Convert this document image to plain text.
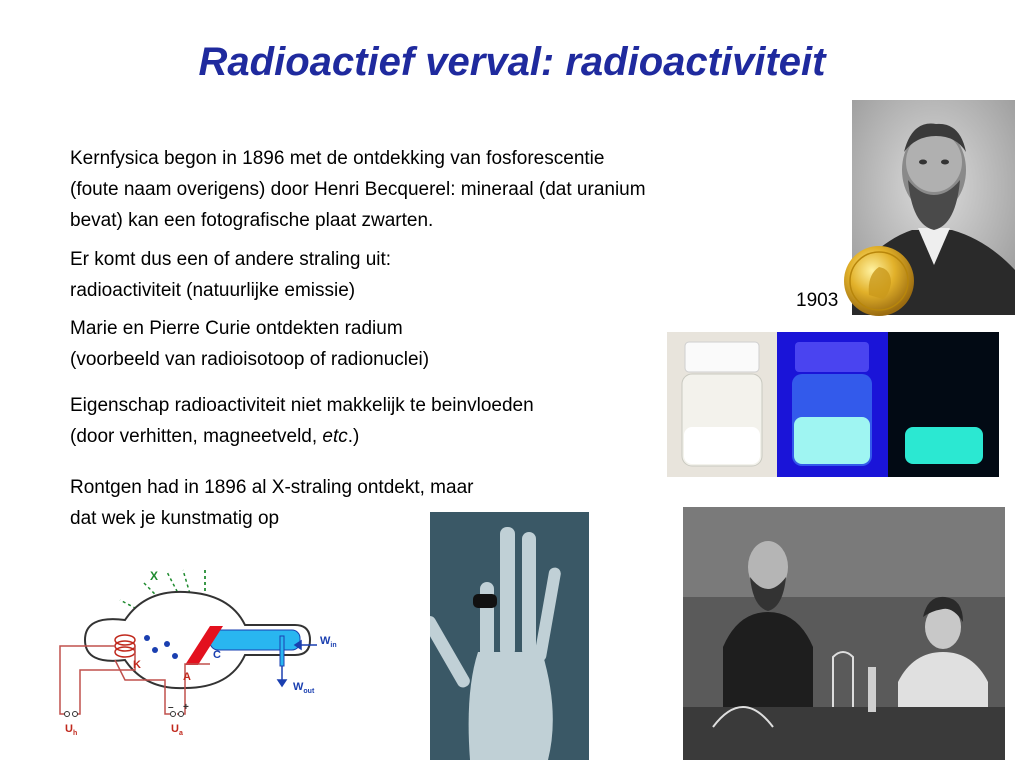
Radioactief verval: radioactiviteit
Kernfysica begon in 1896 met de ontdekking van fosforescentie
(foute naam overigens) door Henri Becquerel: mineraal (dat uranium
bevat) kan een fotografische plaat zwarten.
Er komt dus een of andere straling uit:
radioactiviteit (natuurlijke emissie)
Marie en Pierre Curie ontdekten radium
(voorbeeld van radioisotoop of radionuclei)
Eigenschap radioactiviteit niet makkelijk te beinvloeden
(door verhitten, magneetveld, etc.)
Rontgen had in 1896 al X-straling ontdekt, maar
dat wek je kunstmatig op
1903
X
K
A
C
$W_{in}$
$W_{out}$
$U_h$	$U_a$
– +
